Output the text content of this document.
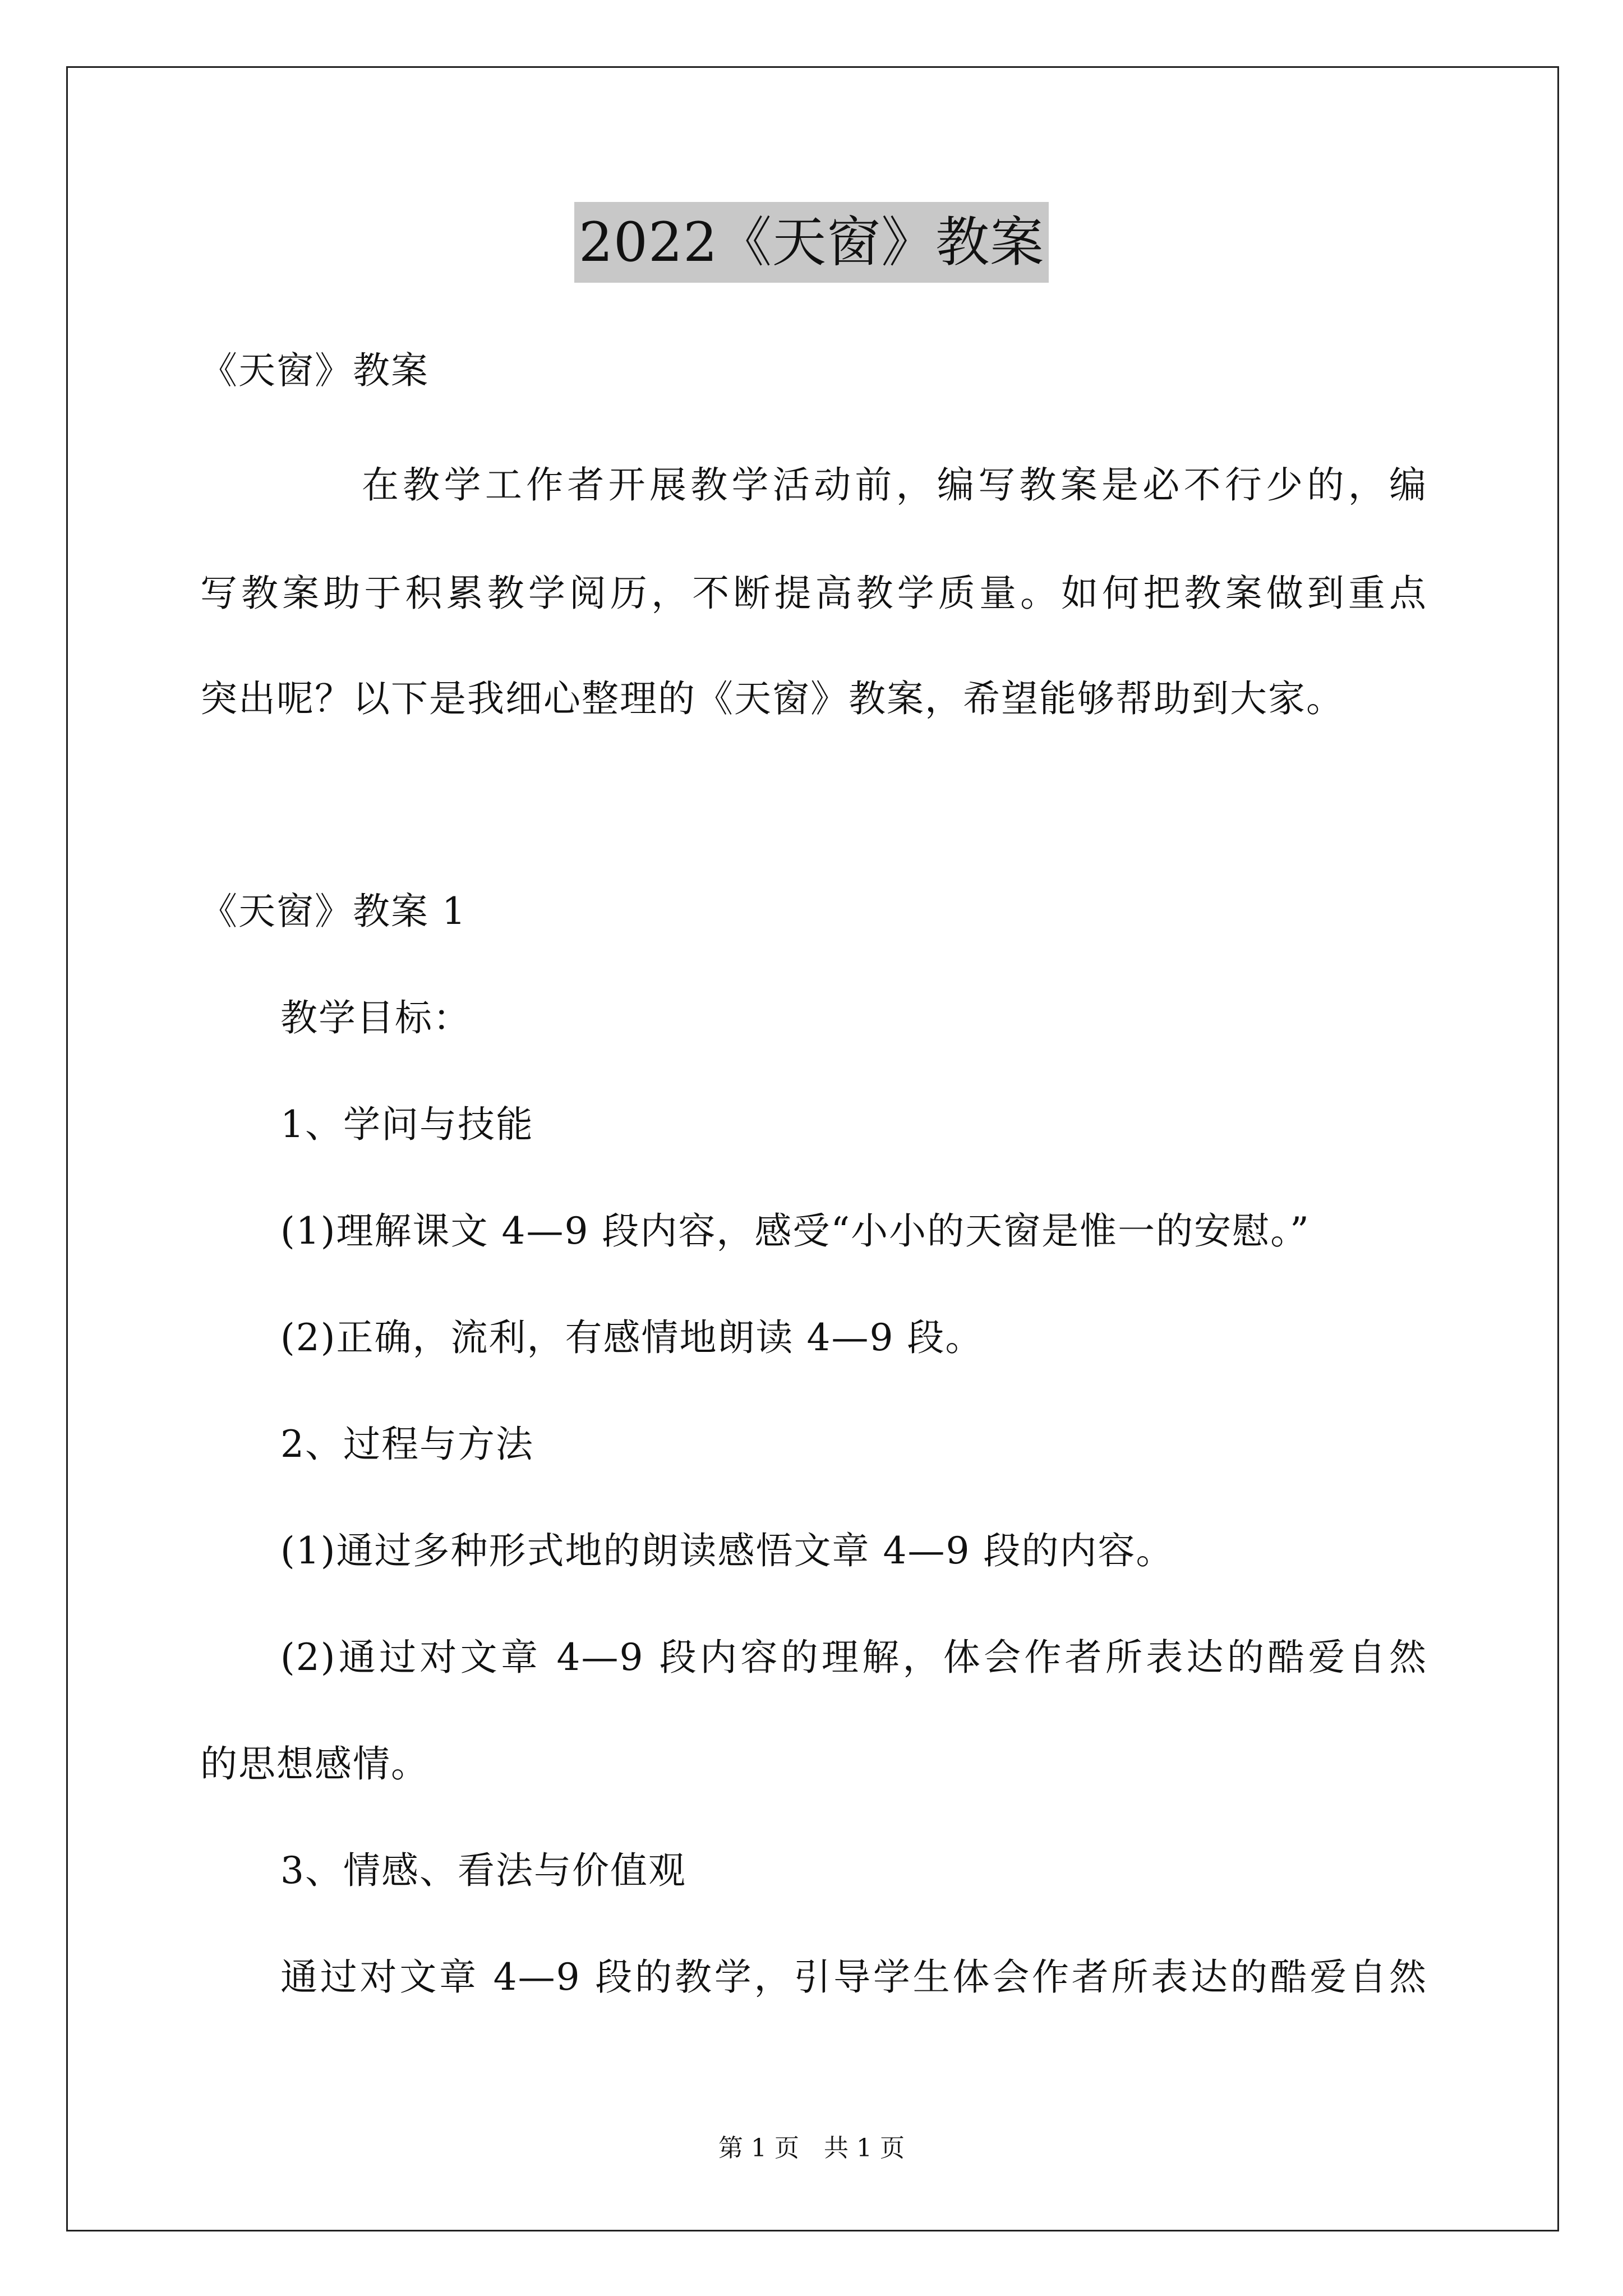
2022《天窗》教案
《天窗》教案
在教学工作者开展教学活动前，编写教案是必不行少的，编
写教案助于积累教学阅历，不断提高教学质量。如何把教案做到重点
突出呢？以下是我细心整理的《天窗》教案，希望能够帮助到大家。
《天窗》教案 1
教学目标：
1、学问与技能
(1)理解课文 4—9 段内容，感受“小小的天窗是惟一的安慰。”
(2)正确，流利，有感情地朗读 4—9 段。
2、过程与方法
(1)通过多种形式地的朗读感悟文章 4—9 段的内容。
(2)通过对文章 4—9 段内容的理解，体会作者所表达的酷爱自然
的思想感情。
3、情感、看法与价值观
通过对文章 4—9 段的教学，引导学生体会作者所表达的酷爱自然
第 1 页　共 1 页
